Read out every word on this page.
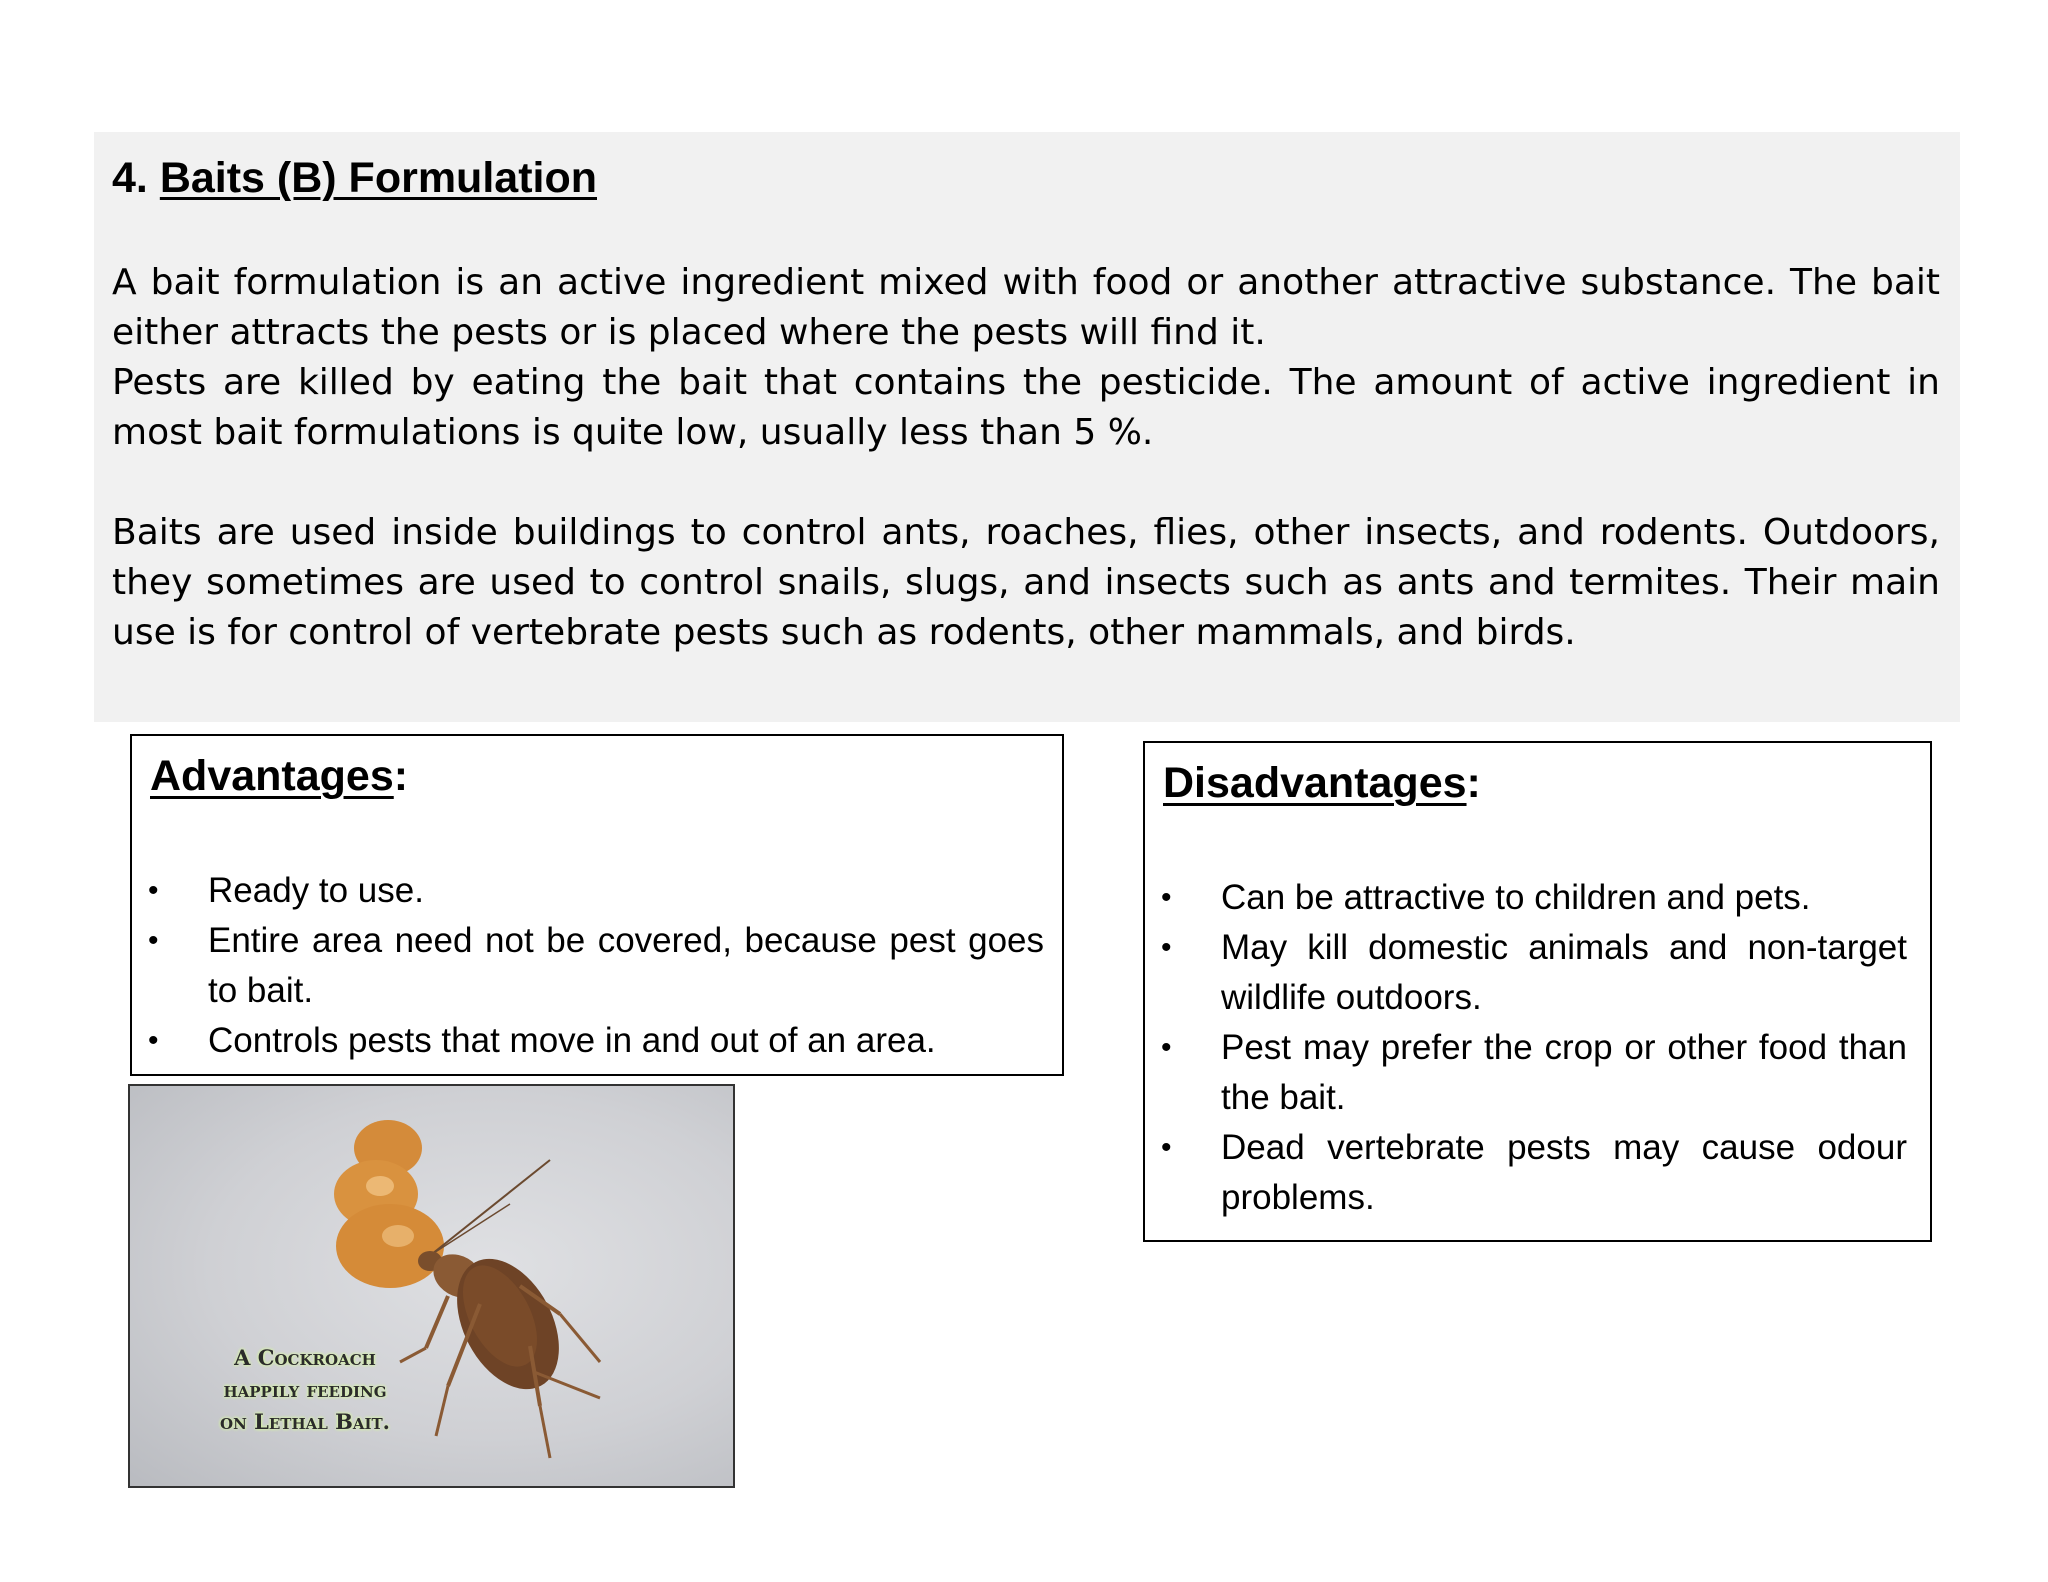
4. Baits (B) Formulation

A bait formulation is an active ingredient mixed with food or another attractive substance. The bait either attracts the pests or is placed where the pests will find it.

Pests are killed by eating the bait that contains the pesticide. The amount of active ingredient in most bait formulations is quite low, usually less than 5 %.

Baits are used inside buildings to control ants, roaches, flies, other insects, and rodents. Outdoors, they sometimes are used to control snails, slugs, and insects such as ants and termites. Their main use is for control of vertebrate pests such as rodents, other mammals, and birds.

Advantages:
• Ready to use.
• Entire area need not be covered, because pest goes to bait.
• Controls pests that move in and out of an area.
Disadvantages:
• Can be attractive to children and pets.
• May kill domestic animals and non-target wildlife outdoors.
• Pest may prefer the crop or other food than the bait.
• Dead vertebrate pests may cause odour problems.
A Cockroach
happily feeding
on Lethal Bait.
